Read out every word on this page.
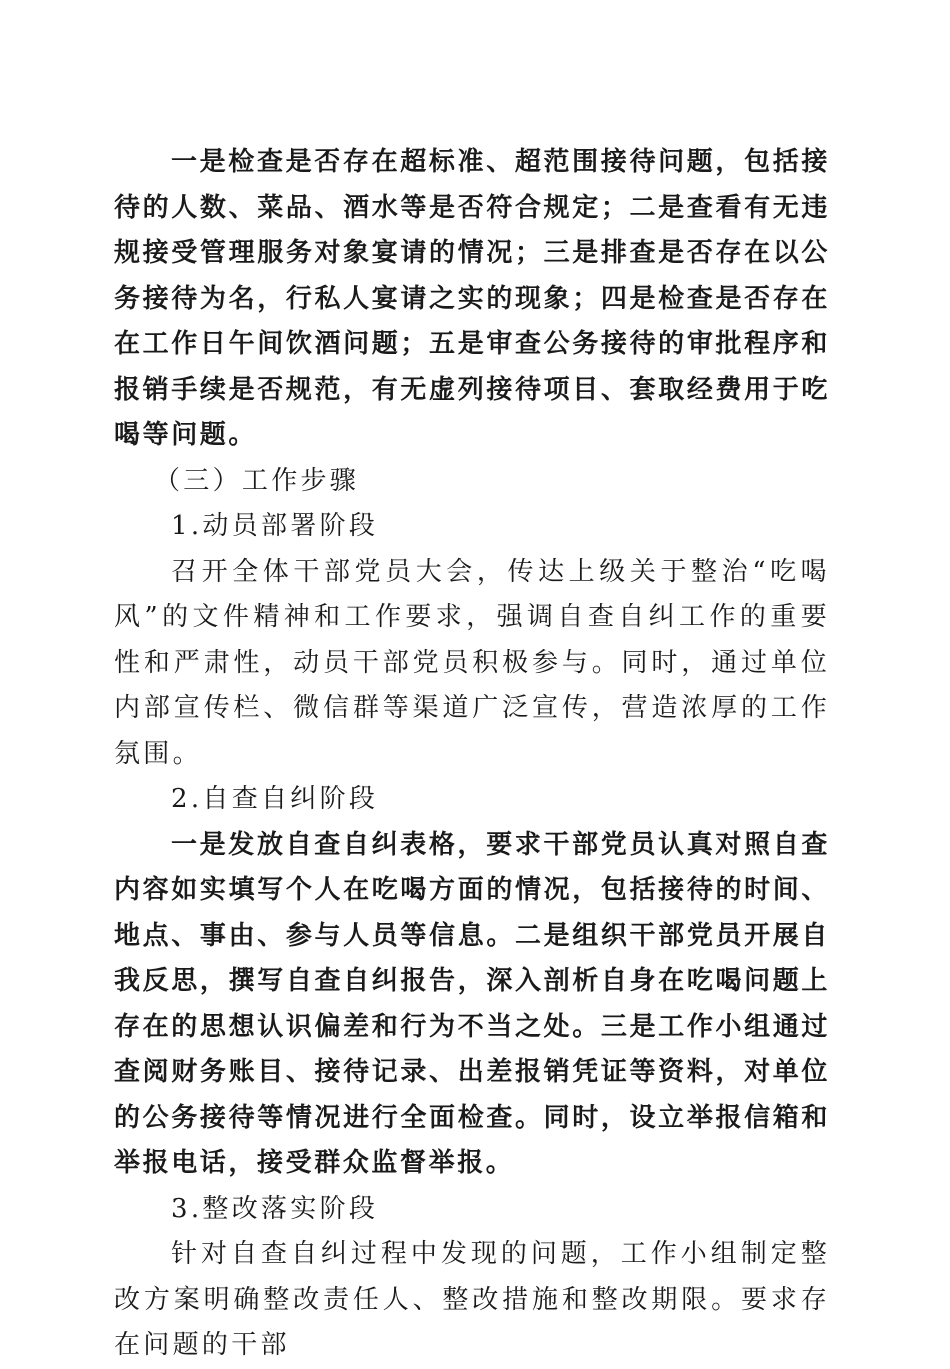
一是检查是否存在超标准、超范围接待问题，包括接待的人数、菜品、酒水等是否符合规定；二是查看有无违规接受管理服务对象宴请的情况；三是排查是否存在以公务接待为名，行私人宴请之实的现象；四是检查是否存在在工作日午间饮酒问题；五是审查公务接待的审批程序和报销手续是否规范，有无虚列接待项目、套取经费用于吃喝等问题。

（三）工作步骤

1.动员部署阶段

召开全体干部党员大会，传达上级关于整治“吃喝风”的文件精神和工作要求，强调自查自纠工作的重要性和严肃性，动员干部党员积极参与。同时，通过单位内部宣传栏、微信群等渠道广泛宣传，营造浓厚的工作氛围。

2.自查自纠阶段

一是发放自查自纠表格，要求干部党员认真对照自查内容如实填写个人在吃喝方面的情况，包括接待的时间、地点、事由、参与人员等信息。二是组织干部党员开展自我反思，撰写自查自纠报告，深入剖析自身在吃喝问题上存在的思想认识偏差和行为不当之处。三是工作小组通过查阅财务账目、接待记录、出差报销凭证等资料，对单位的公务接待等情况进行全面检查。同时，设立举报信箱和举报电话，接受群众监督举报。

3.整改落实阶段

针对自查自纠过程中发现的问题，工作小组制定整改方案明确整改责任人、整改措施和整改期限。要求存在问题的干部
